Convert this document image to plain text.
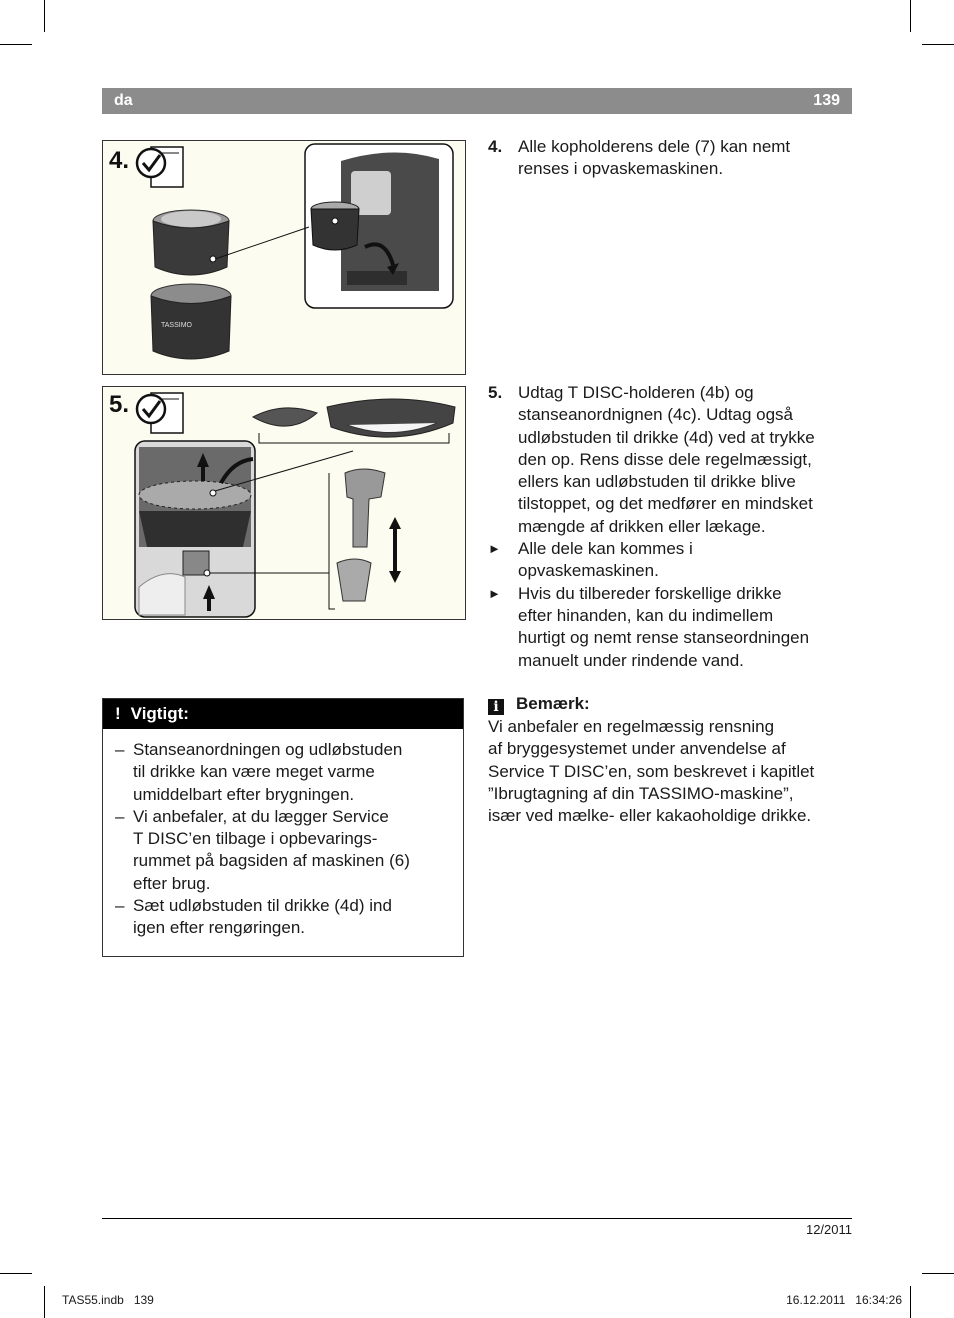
da	139
TASSIMO
4.
5.
4. Alle kopholderens dele (7) kan nemt
renses i opvaskemaskinen.
5. Udtag T DISC-holderen (4b) og
stanseanordnignen (4c). Udtag også
udløbstuden til drikke (4d) ved at trykke
den op. Rens disse dele regelmæssigt,
ellers kan udløbstuden til drikke blive
tilstoppet, og det medfører en mindsket
mængde af drikken eller lækage.
► Alle dele kan kommes i
opvaskemaskinen.
► Hvis du tilbereder forskellige drikke
efter hinanden, kan du indimellem
hurtigt og nemt rense stanseordningen
manuelt under rindende vand.
i Bemærk:
Vi anbefaler en regelmæssig rensning
af bryggesystemet under anvendelse af
Service T DISC’en, som beskrevet i kapitlet
”Ibrugtagning af din TASSIMO-maskine”,
især ved mælke- eller kakaoholdige drikke.
! Vigtigt:
– Stanseanordningen og udløbstuden
til drikke kan være meget varme
umiddelbart efter brygningen.
– Vi anbefaler, at du lægger Service
T DISC’en tilbage i opbevarings-
rummet på bagsiden af maskinen (6)
efter brug.
– Sæt udløbstuden til drikke (4d) ind
igen efter rengøringen.
12/2011
TAS55.indb   139	16.12.2011   16:34:26
